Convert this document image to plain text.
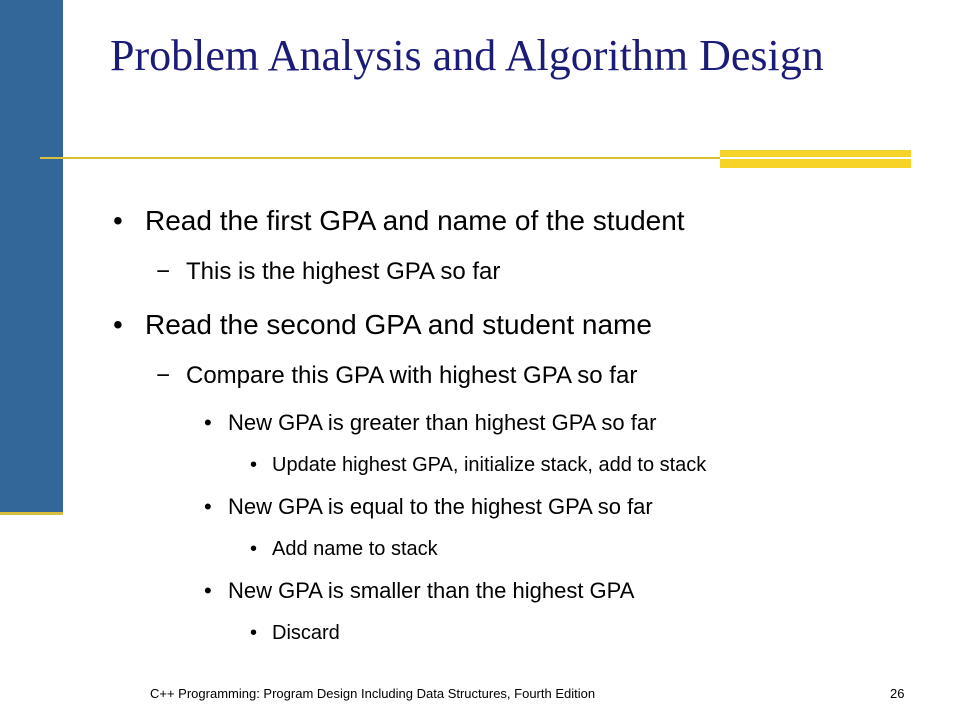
Problem Analysis and Algorithm Design
• Read the first GPA and name of the student
− This is the highest GPA so far
• Read the second GPA and student name
− Compare this GPA with highest GPA so far
• New GPA is greater than highest GPA so far
• Update highest GPA, initialize stack, add to stack
• New GPA is equal to the highest GPA so far
• Add name to stack
• New GPA is smaller than the highest GPA
• Discard
C++ Programming: Program Design Including Data Structures, Fourth Edition	26
